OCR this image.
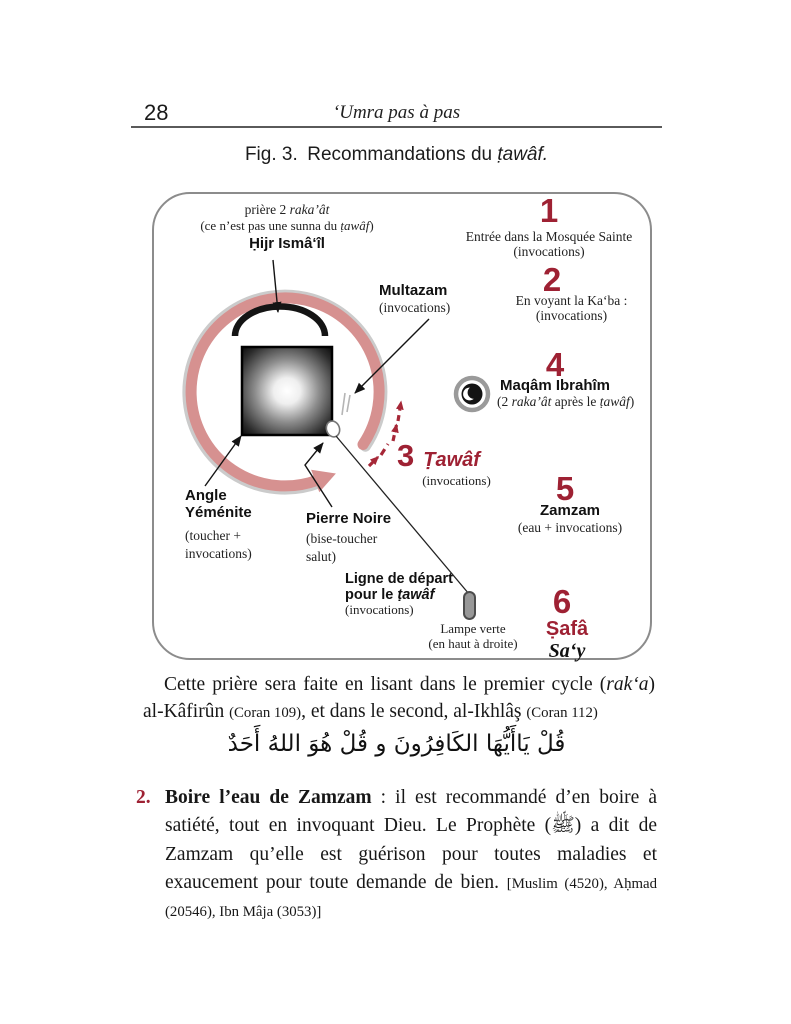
28	‘Umra pas à pas
Fig. 3. Recommandations du ṭawâf.
prière 2 raka’ât
(ce n’est pas une sunna du ṭawâf)
Ḥijr Ismâ‘îl
Multazam
(invocations)
1
Entrée dans la Mosquée Sainte
(invocations)
2
En voyant la Ka‘ba :
(invocations)
4
Maqâm Ibrahîm
(2 raka’ât après le ṭawâf)
3 Ṭawâf
(invocations)	5
Zamzam
(eau + invocations)
6
Ṣafâ
Sa‘y
Angle
Yéménite
(toucher +
invocations)
Pierre Noire
(bise-toucher
salut)
Ligne de départ
pour le ṭawâf
(invocations)
Lampe verte
(en haut à droite)

Cette prière sera faite en lisant dans le premier cycle (rak‘a) al-Kâfirûn (Coran 109), et dans le second, al-Ikhlâş (Coran 112)

قُلْ يَاأَيُّهَا الكَافِرُونَ و قُلْ هُوَ اللهُ أَحَدٌ
2. Boire l’eau de Zamzam : il est recommandé d’en boire à satiété, tout en invoquant Dieu. Le Prophète (ﷺ) a dit de Zamzam qu’elle est guérison pour toutes maladies et exaucement pour toute demande de bien. [Muslim (4520), Aḥmad (20546), Ibn Mâja (3053)]
